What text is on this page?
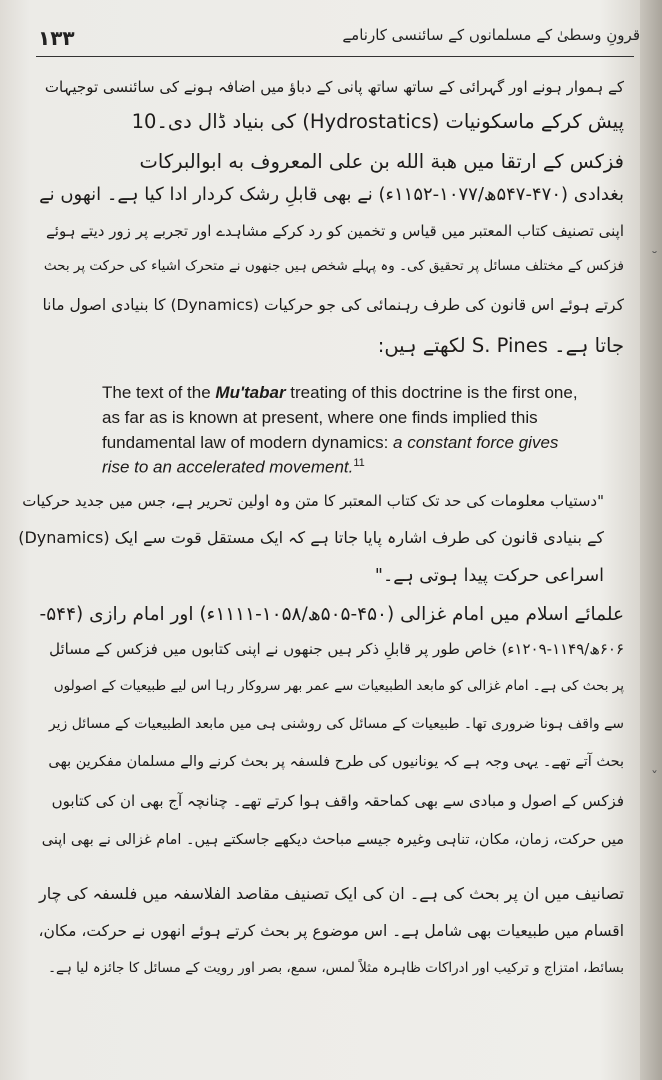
˘
ˇ
۱۳۳	قرونِ وسطیٰ کے مسلمانوں کے سائنسی کارنامے
کے ہموار ہونے اور گہرائی کے ساتھ ساتھ پانی کے دباؤ میں اضافہ ہونے کی سائنسی توجیہات
پیش کرکے ماسکونیات (Hydrostatics) کی بنیاد ڈال دی۔10
فزکس کے ارتقا میں هبة الله بن علی المعروف به ابوالبرکات
بغدادی (۴۷۰-۵۴۷ھ/۱۰۷۷-۱۱۵۲ء) نے بھی قابلِ رشک کردار ادا کیا ہے۔ انھوں نے
اپنی تصنیف کتاب المعتبر میں قیاس و تخمین کو رد کرکے مشاہدے اور تجربے پر زور دیتے ہوئے
فزکس کے مختلف مسائل پر تحقیق کی۔ وہ پہلے شخص ہیں جنھوں نے متحرک اشیاء کی حرکت پر بحث
کرتے ہوئے اس قانون کی طرف رہنمائی کی جو حرکیات (Dynamics) کا بنیادی اصول مانا
جاتا ہے۔ S. Pines لکھتے ہیں:
The text of the Mu'tabar treating of this doctrine is the first one,
as far as is known at present, where one finds implied this
fundamental law of modern dynamics: a constant force gives
rise to an accelerated movement.$^{11}$
"دستیاب معلومات کی حد تک کتاب المعتبر کا متن وہ اولین تحریر ہے، جس میں جدید حرکیات
(Dynamics) کے بنیادی قانون کی طرف اشارہ پایا جاتا ہے کہ ایک مستقل قوت سے ایک
اسراعی حرکت پیدا ہوتی ہے۔"
علمائے اسلام میں امام غزالی (۴۵۰-۵۰۵ھ/۱۰۵۸-۱۱۱۱ء) اور امام رازی (۵۴۴-
۶۰۶ھ/۱۱۴۹-۱۲۰۹ء) خاص طور پر قابلِ ذکر ہیں جنھوں نے اپنی کتابوں میں فزکس کے مسائل
پر بحث کی ہے۔ امام غزالی کو مابعد الطبیعیات سے عمر بھر سروکار رہا اس لیے طبیعیات کے اصولوں
سے واقف ہونا ضروری تھا۔ طبیعیات کے مسائل کی روشنی ہی میں مابعد الطبیعیات کے مسائل زیر
بحث آتے تھے۔ یہی وجہ ہے کہ یونانیوں کی طرح فلسفہ پر بحث کرنے والے مسلمان مفکرین بھی
فزکس کے اصول و مبادی سے بھی کماحقہ واقف ہوا کرتے تھے۔ چنانچہ آج بھی ان کی کتابوں
میں حرکت، زمان، مکان، تناہی وغیرہ جیسے مباحث دیکھے جاسکتے ہیں۔ امام غزالی نے بھی اپنی
تصانیف میں ان پر بحث کی ہے۔ ان کی ایک تصنیف مقاصد الفلاسفہ میں فلسفہ کی چار
اقسام میں طبیعیات بھی شامل ہے۔ اس موضوع پر بحث کرتے ہوئے انھوں نے حرکت، مکان،
بسائط، امتزاج و ترکیب اور ادراکات ظاہرہ مثلاً لمس، سمع، بصر اور رویت کے مسائل کا جائزہ لیا ہے۔
